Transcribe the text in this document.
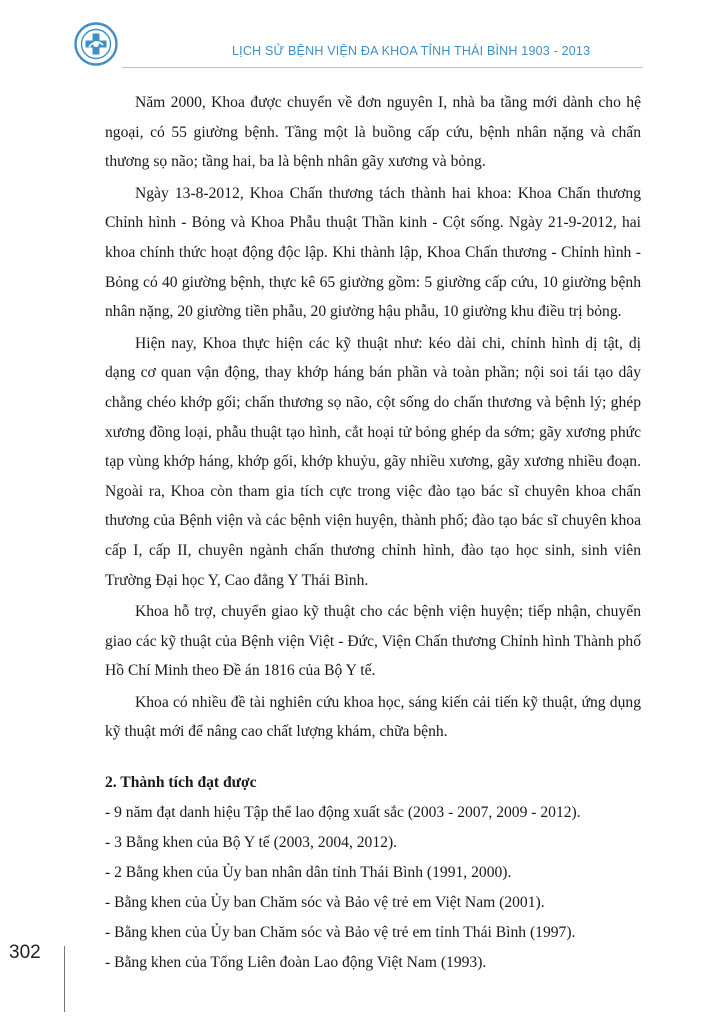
LỊCH SỬ BỆNH VIỆN ĐA KHOA TỈNH THÁI BÌNH 1903 - 2013

Năm 2000, Khoa được chuyển về đơn nguyên I, nhà ba tầng mới dành cho hệ ngoại, có 55 giường bệnh. Tầng một là buồng cấp cứu, bệnh nhân nặng và chấn thương sọ não; tầng hai, ba là bệnh nhân gãy xương và bỏng.

Ngày 13-8-2012, Khoa Chấn thương tách thành hai khoa: Khoa Chấn thương Chỉnh hình - Bỏng và Khoa Phẫu thuật Thần kinh - Cột sống. Ngày 21-9-2012, hai khoa chính thức hoạt động độc lập. Khi thành lập, Khoa Chấn thương - Chỉnh hình - Bỏng có 40 giường bệnh, thực kê 65 giường gồm: 5 giường cấp cứu, 10 giường bệnh nhân nặng, 20 giường tiền phẫu, 20 giường hậu phẫu, 10 giường khu điều trị bỏng.

Hiện nay, Khoa thực hiện các kỹ thuật như: kéo dài chi, chỉnh hình dị tật, dị dạng cơ quan vận động, thay khớp háng bán phần và toàn phần; nội soi tái tạo dây chằng chéo khớp gối; chấn thương sọ não, cột sống do chấn thương và bệnh lý; ghép xương đồng loại, phẫu thuật tạo hình, cắt hoại tử bỏng ghép da sớm; gãy xương phức tạp vùng khớp háng, khớp gối, khớp khuỷu, gãy nhiều xương, gãy xương nhiều đoạn. Ngoài ra, Khoa còn tham gia tích cực trong việc đào tạo bác sĩ chuyên khoa chấn thương của Bệnh viện và các bệnh viện huyện, thành phố; đào tạo bác sĩ chuyên khoa cấp I, cấp II, chuyên ngành chấn thương chỉnh hình, đào tạo học sinh, sinh viên Trường Đại học Y, Cao đẳng Y Thái Bình.

Khoa hỗ trợ, chuyển giao kỹ thuật cho các bệnh viện huyện; tiếp nhận, chuyển giao các kỹ thuật của Bệnh viện Việt - Đức, Viện Chấn thương Chỉnh hình Thành phố Hồ Chí Minh theo Đề án 1816 của Bộ Y tế.

Khoa có nhiều đề tài nghiên cứu khoa học, sáng kiến cải tiến kỹ thuật, ứng dụng kỹ thuật mới để nâng cao chất lượng khám, chữa bệnh.

2. Thành tích đạt được

- 9 năm đạt danh hiệu Tập thể lao động xuất sắc (2003 - 2007, 2009 - 2012).

- 3 Bằng khen của Bộ Y tế (2003, 2004, 2012).

- 2 Bằng khen của Ủy ban nhân dân tỉnh Thái Bình (1991, 2000).

- Bằng khen của Ủy ban Chăm sóc và Bảo vệ trẻ em Việt Nam (2001).

- Bằng khen của Ủy ban Chăm sóc và Bảo vệ trẻ em tỉnh Thái Bình (1997).

- Bằng khen của Tổng Liên đoàn Lao động Việt Nam (1993).

302
